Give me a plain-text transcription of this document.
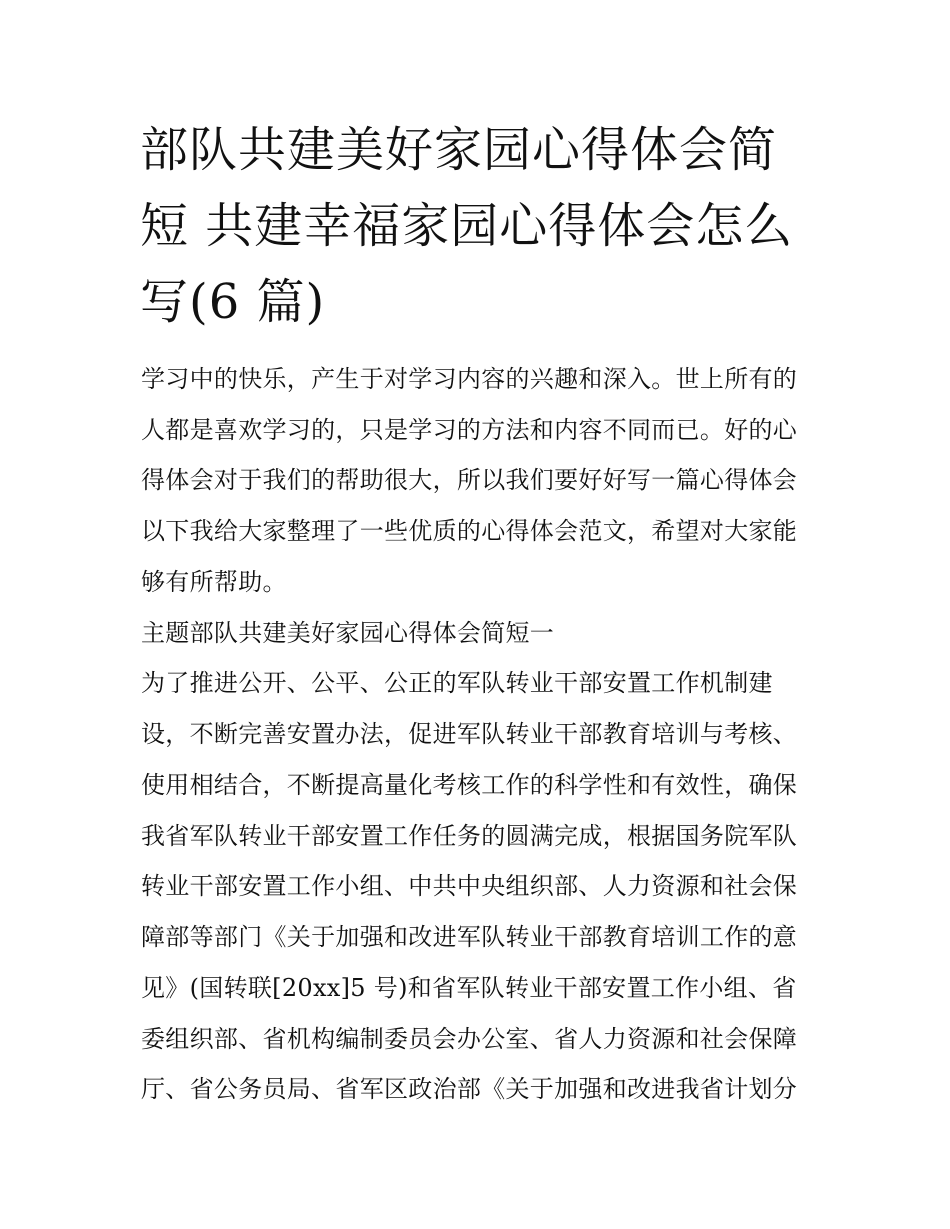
部队共建美好家园心得体会简
短 共建幸福家园心得体会怎么
写(6 篇)
学习中的快乐，产生于对学习内容的兴趣和深入。世上所有的
人都是喜欢学习的，只是学习的方法和内容不同而已。好的心
得体会对于我们的帮助很大，所以我们要好好写一篇心得体会
以下我给大家整理了一些优质的心得体会范文，希望对大家能
够有所帮助。
主题部队共建美好家园心得体会简短一
为了推进公开、公平、公正的军队转业干部安置工作机制建
设，不断完善安置办法，促进军队转业干部教育培训与考核、
使用相结合，不断提高量化考核工作的科学性和有效性，确保
我省军队转业干部安置工作任务的圆满完成，根据国务院军队
转业干部安置工作小组、中共中央组织部、人力资源和社会保
障部等部门《关于加强和改进军队转业干部教育培训工作的意
见》(国转联[20xx]5 号)和省军队转业干部安置工作小组、省
委组织部、省机构编制委员会办公室、省人力资源和社会保障
厅、省公务员局、省军区政治部《关于加强和改进我省计划分
